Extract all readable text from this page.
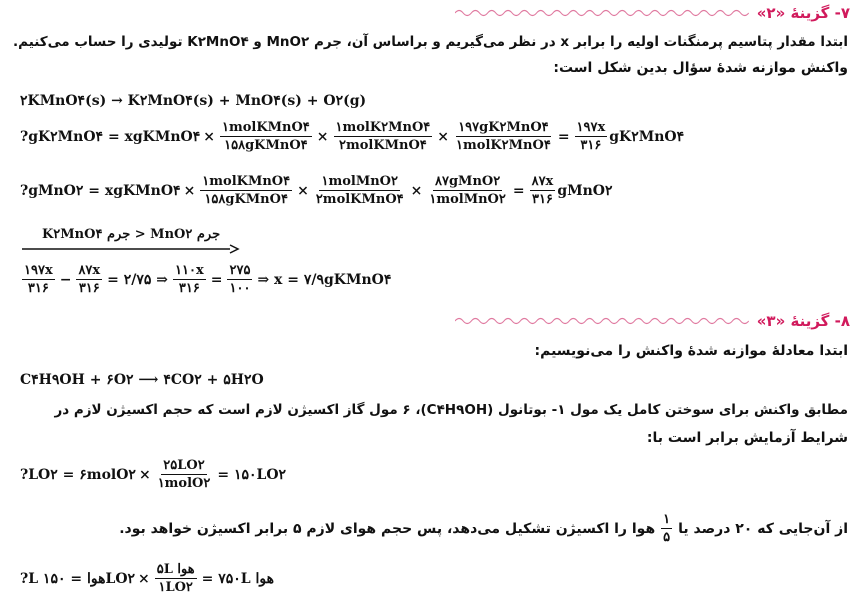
۷- گزینهٔ «۲»
ابتدا مقدار پتاسیم پرمنگنات اولیه را برابر x در نظر می‌گیریم و براساس آن، جرم MnO۲ و K۲MnO۴ تولیدی را حساب می‌کنیم.
واکنش موازنه شدهٔ سؤال بدین شکل است:
۲KMnO۴(s) → K۲MnO۴(s) + MnO۴(s) + O۲(g)
?gK۲MnO۴ = xgKMnO۴ × $\frac{\text{۱molKMnO۴}}{\text{۱۵۸gKMnO۴}} \times \frac{\text{۱molK۲MnO۴}}{\text{۲molKMnO۴}} \times \frac{\text{۱۹۷gK۲MnO۴}}{\text{۱molK۲MnO۴}} = \frac{۱۹۷x}{۳۱۶}$ gK۲MnO۴
?gMnO۲ = xgKMnO۴ × $\frac{\text{۱molKMnO۴}}{\text{۱۵۸gKMnO۴}} \times \frac{\text{۱molMnO۲}}{\text{۲molKMnO۴}} \times \frac{\text{۸۷gMnO۲}}{\text{۱molMnO۲}} = \frac{۸۷x}{۳۱۶}$ gMnO۲
K۲MnO۴ جرم > MnO۲ جرم
$\frac{۱۹۷x}{۳۱۶} - \frac{۸۷x}{۳۱۶}$ = ۲/۷۵ ⇒ $\frac{۱۱۰x}{۳۱۶} = \frac{۲۷۵}{۱۰۰}$ ⇒ x = ۷/۹gKMnO۴
۸- گزینهٔ «۳»
ابتدا معادلهٔ موازنه شدهٔ واکنش را می‌نویسیم:
C۴H۹OH + ۶O۲ ⟶ ۴CO۲ + ۵H۲O
مطابق واکنش برای سوختن کامل یک مول ۱- بوتانول (C۴H۹OH)، ۶ مول گاز اکسیژن لازم است که حجم اکسیژن لازم در
شرایط آزمایش برابر است با:
?LO۲ = ۶molO۲ × $\frac{۲۵LO۲}{\text{۱molO۲}}$ = ۱۵۰LO۲
از آن‌جایی که ۲۰ درصد یا
$\frac{۱}{۵}$
هوا را اکسیژن تشکیل می‌دهد، پس حجم هوای لازم ۵ برابر اکسیژن خواهد بود.
?L هوا = ۱۵۰LO۲ × $\frac{\text{۵L هوا}}{۱LO۲}$ = ۷۵۰L هوا
